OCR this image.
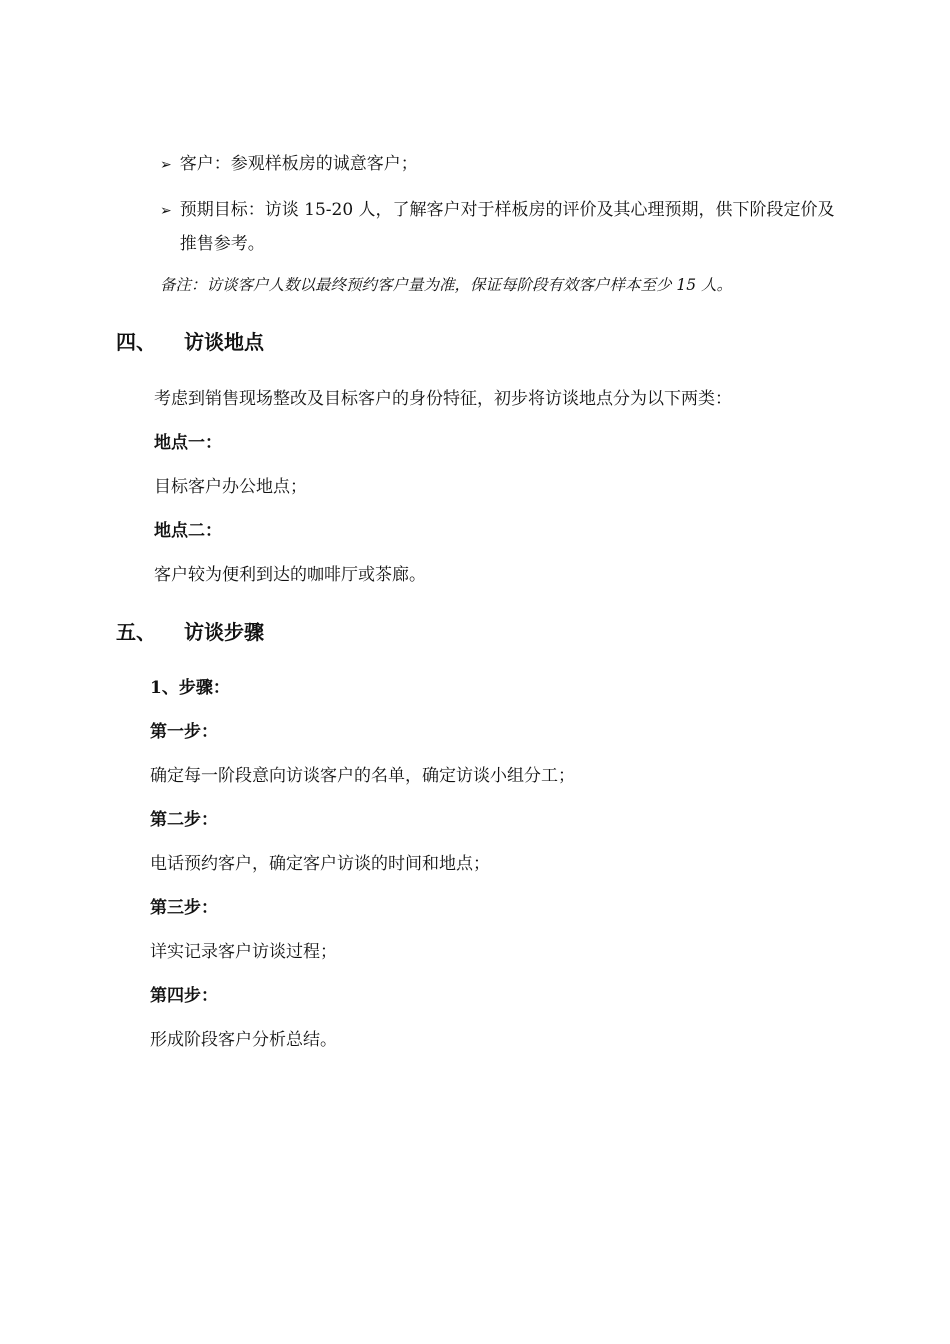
➢ 客户：参观样板房的诚意客户；
➢ 预期目标：访谈 15-20 人，了解客户对于样板房的评价及其心理预期，供下阶段定价及推售参考。
备注：访谈客户人数以最终预约客户量为准，保证每阶段有效客户样本至少 15 人。
四、 访谈地点
考虑到销售现场整改及目标客户的身份特征，初步将访谈地点分为以下两类：
地点一：
目标客户办公地点；
地点二：
客户较为便利到达的咖啡厅或茶廊。
五、 访谈步骤
1、步骤：
第一步：
确定每一阶段意向访谈客户的名单，确定访谈小组分工；
第二步：
电话预约客户，确定客户访谈的时间和地点；
第三步：
详实记录客户访谈过程；
第四步：
形成阶段客户分析总结。
